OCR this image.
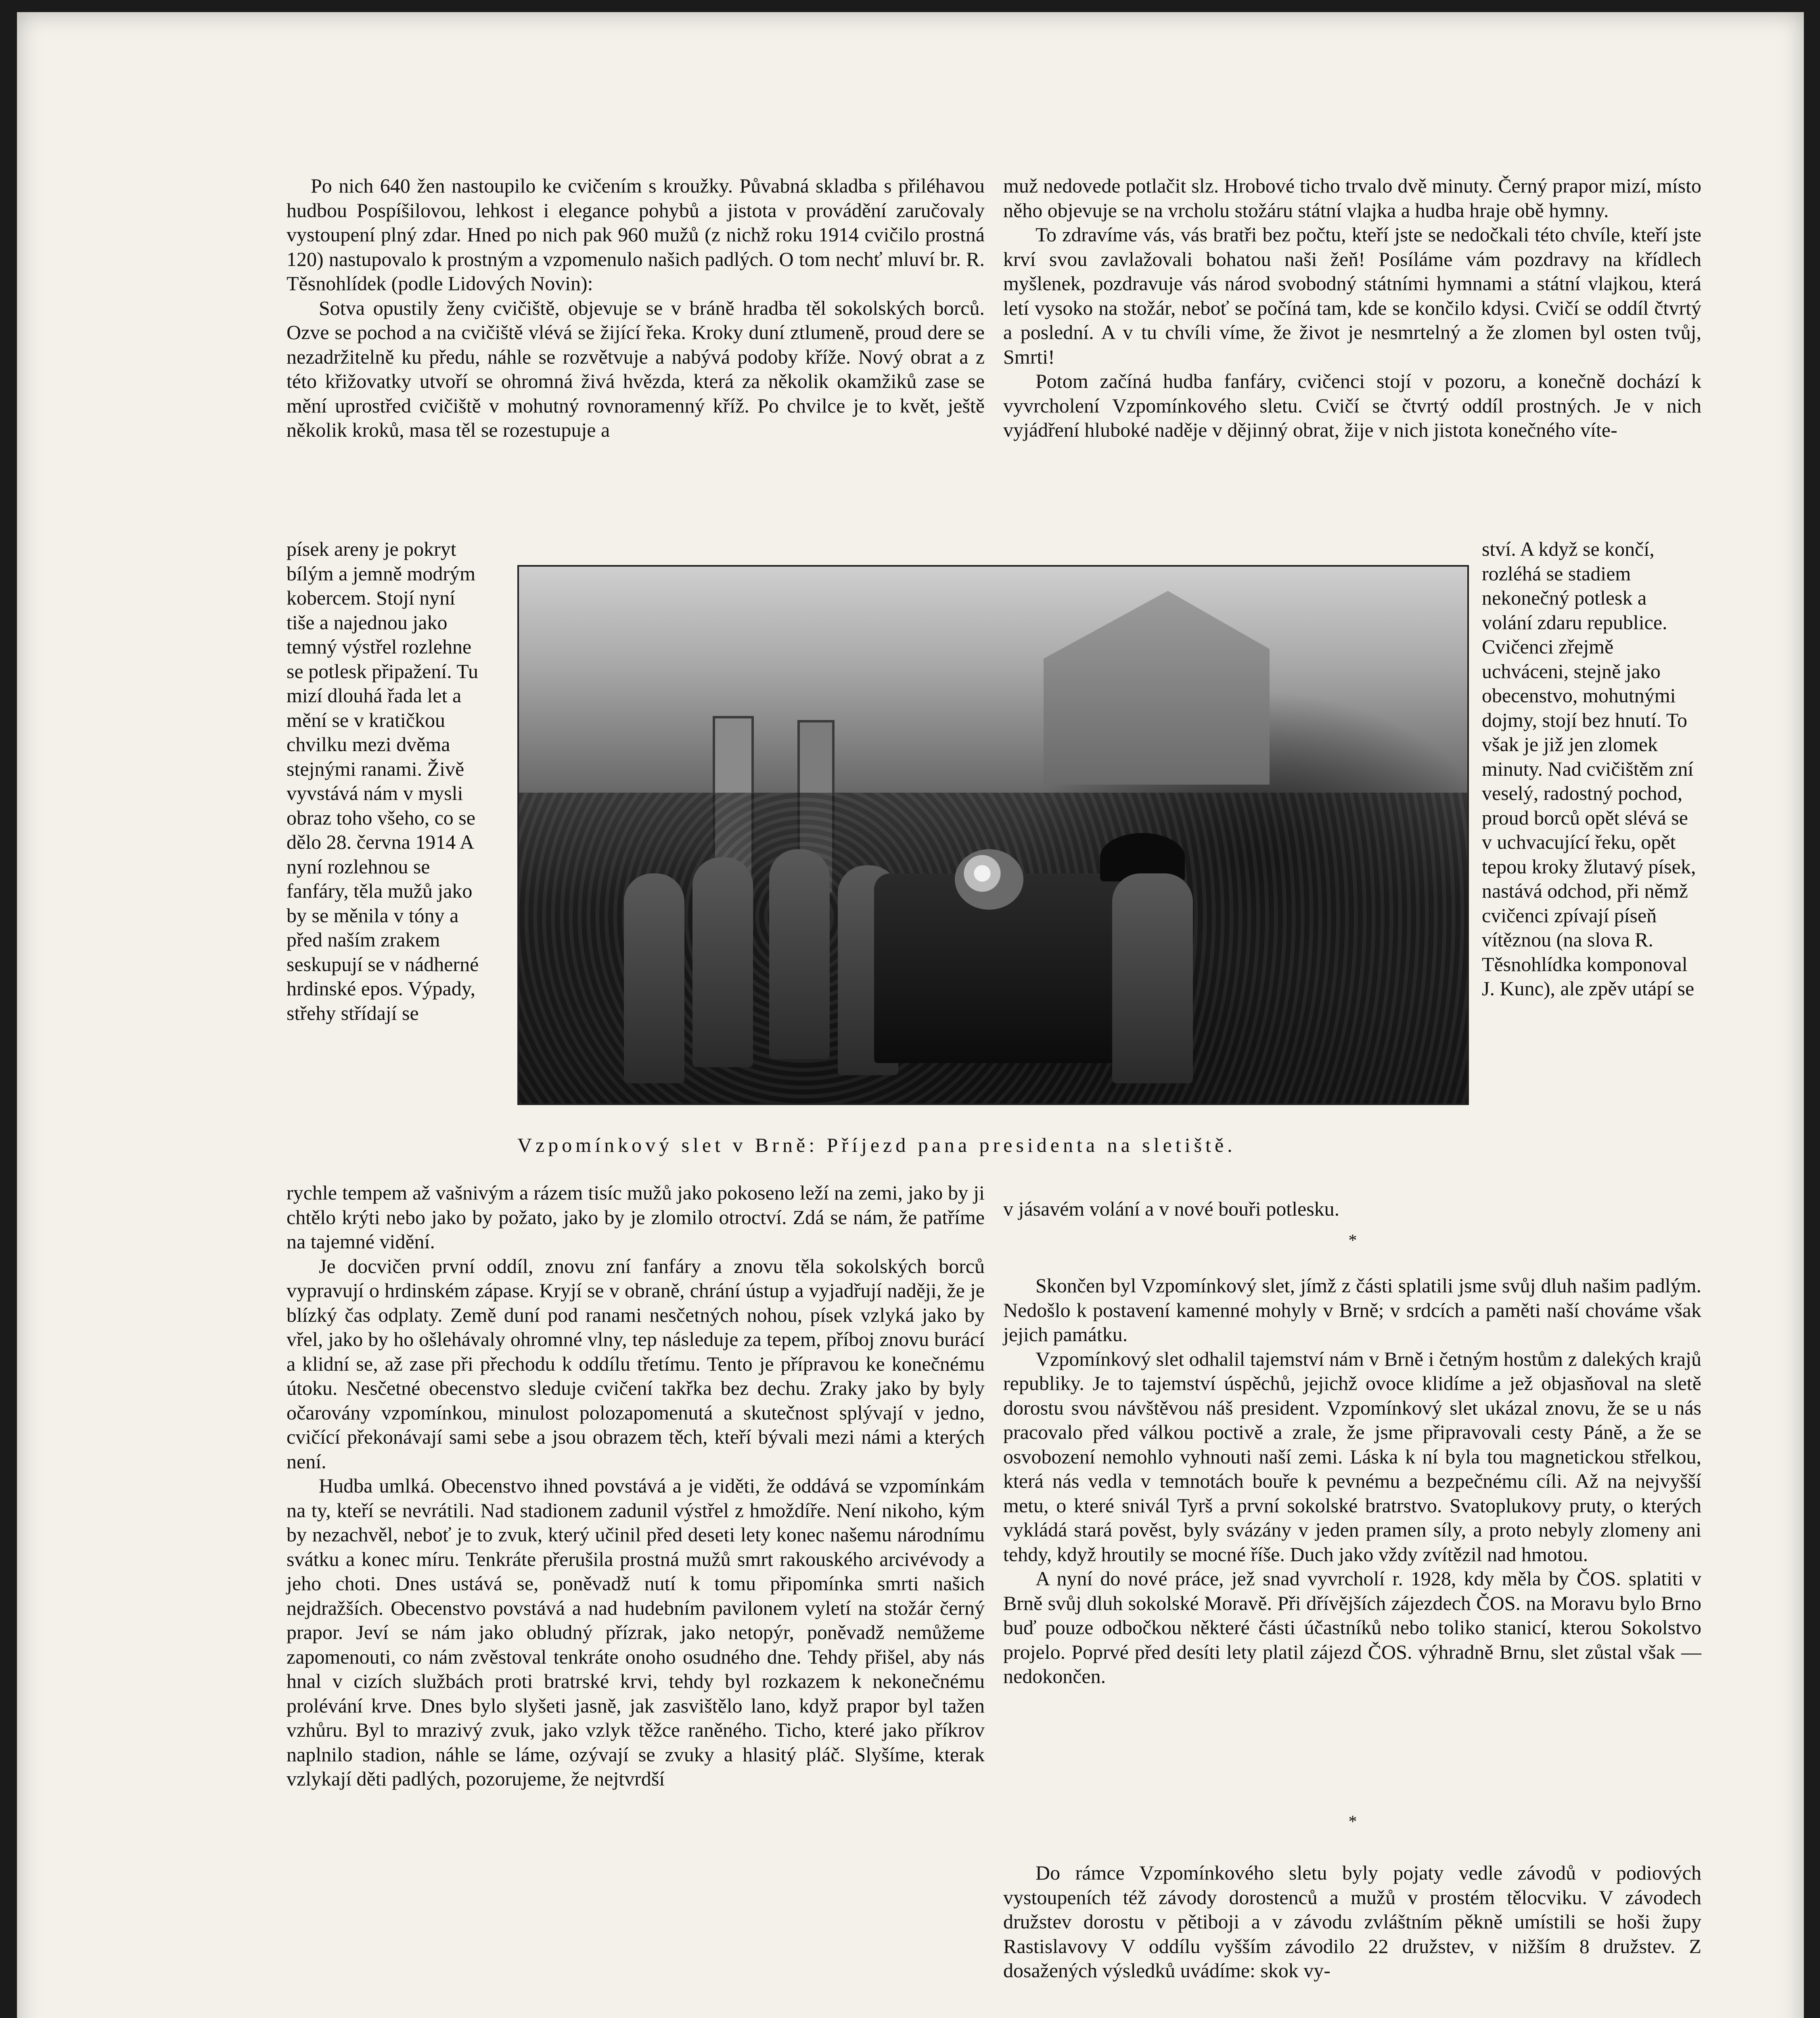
Po nich 640 žen nastoupilo ke cvičením s kroužky. Půvabná skladba s přiléhavou hudbou Pospíšilovou, lehkost i elegance pohybů a jistota v provádění zaručovaly vystoupení plný zdar. Hned po nich pak 960 mužů (z nichž roku 1914 cvičilo prostná 120) nastupovalo k prostným a vzpomenulo našich padlých. O tom nechť mluví br. R. Těsnohlídek (podle Lidových Novin):

Sotva opustily ženy cvičiště, objevuje se v bráně hradba těl sokolských borců. Ozve se pochod a na cvičiště vlévá se žijící řeka. Kroky duní ztlumeně, proud dere se nezadržitelně ku předu, náhle se rozvětvuje a nabývá podoby kříže. Nový obrat a z této křižovatky utvoří se ohromná živá hvězda, která za několik okamžiků zase se mění uprostřed cvičiště v mohutný rovnoramenný kříž. Po chvilce je to květ, ještě několik kroků, masa těl se rozestupuje a

písek areny je pokryt bílým a jemně modrým kobercem. Stojí nyní tiše a najednou jako temný výstřel rozlehne se potlesk připažení. Tu mizí dlouhá řada let a mění se v kratičkou chvilku mezi dvěma stejnými ranami. Živě vyvstává nám v mysli obraz toho všeho, co se dělo 28. června 1914 A nyní rozlehnou se fanfáry, těla mužů jako by se měnila v tóny a před naším zrakem seskupují se v nádherné hrdinské epos. Výpady, střehy střídají se

Vzpomínkový slet v Brně: Příjezd pana presidenta na sletiště.

rychle tempem až vašnivým a rázem tisíc mužů jako pokoseno leží na zemi, jako by ji chtělo krýti nebo jako by požato, jako by je zlomilo otroctví. Zdá se nám, že patříme na tajemné vidění.

Je docvičen první oddíl, znovu zní fanfáry a znovu těla sokolských borců vypravují o hrdinském zápase. Kryjí se v obraně, chrání ústup a vyjadřují naději, že je blízký čas odplaty. Země duní pod ranami nesčetných nohou, písek vzlyká jako by vřel, jako by ho ošlehávaly ohromné vlny, tep následuje za tepem, příboj znovu burácí a klidní se, až zase při přechodu k oddílu třetímu. Tento je přípravou ke konečnému útoku. Nesčetné obecenstvo sleduje cvičení takřka bez dechu. Zraky jako by byly očarovány vzpomínkou, minulost polozapomenutá a skutečnost splývají v jedno, cvičící překonávají sami sebe a jsou obrazem těch, kteří bývali mezi námi a kterých není.

Hudba umlká. Obecenstvo ihned povstává a je viděti, že oddává se vzpomínkám na ty, kteří se nevrátili. Nad stadionem zadunil výstřel z hmoždíře. Není nikoho, kým by nezachvěl, neboť je to zvuk, který učinil před deseti lety konec našemu národnímu svátku a konec míru. Tenkráte přerušila prostná mužů smrt rakouského arcivévody a jeho choti. Dnes ustává se, poněvadž nutí k tomu připomínka smrti našich nejdražších. Obecenstvo povstává a nad hudebním pavilonem vyletí na stožár černý prapor. Jeví se nám jako obludný přízrak, jako netopýr, poněvadž nemůžeme zapomenouti, co nám zvěstoval tenkráte onoho osudného dne. Tehdy přišel, aby nás hnal v cizích službách proti bratrské krvi, tehdy byl rozkazem k nekonečnému prolévání krve. Dnes bylo slyšeti jasně, jak zasvištělo lano, když prapor byl tažen vzhůru. Byl to mrazivý zvuk, jako vzlyk těžce raněného. Ticho, které jako příkrov naplnilo stadion, náhle se láme, ozývají se zvuky a hlasitý pláč. Slyšíme, kterak vzlykají děti padlých, pozorujeme, že nejtvrdší

muž nedovede potlačit slz. Hrobové ticho trvalo dvě minuty. Černý prapor mizí, místo něho objevuje se na vrcholu stožáru státní vlajka a hudba hraje obě hymny.

To zdravíme vás, vás bratři bez počtu, kteří jste se nedočkali této chvíle, kteří jste krví svou zavlažovali bohatou naši žeň! Posíláme vám pozdravy na křídlech myšlenek, pozdravuje vás národ svobodný státními hymnami a státní vlajkou, která letí vysoko na stožár, neboť se počíná tam, kde se končilo kdysi. Cvičí se oddíl čtvrtý a poslední. A v tu chvíli víme, že život je nesmrtelný a že zlomen byl osten tvůj, Smrti!

Potom začíná hudba fanfáry, cvičenci stojí v pozoru, a konečně dochází k vyvrcholení Vzpomínkového sletu. Cvičí se čtvrtý oddíl prostných. Je v nich vyjádření hluboké naděje v dějinný obrat, žije v nich jistota konečného víte-

ství. A když se končí, rozléhá se stadiem nekonečný potlesk a volání zdaru republice. Cvičenci zřejmě uchváceni, stejně jako obecenstvo, mohutnými dojmy, stojí bez hnutí. To však je již jen zlomek minuty. Nad cvičištěm zní veselý, radostný pochod, proud borců opět slévá se v uchvacující řeku, opět tepou kroky žlutavý písek, nastává odchod, při němž cvičenci zpívají píseň vítěznou (na slova R. Těsnohlídka komponoval J. Kunc), ale zpěv utápí se

v jásavém volání a v nové bouři potlesku.

*

Skončen byl Vzpomínkový slet, jímž z části splatili jsme svůj dluh našim padlým. Nedošlo k postavení kamenné mohyly v Brně; v srdcích a paměti naší chováme však jejich památku.

Vzpomínkový slet odhalil tajemství nám v Brně i četným hostům z dalekých krajů republiky. Je to tajemství úspěchů, jejichž ovoce klidíme a jež objasňoval na sletě dorostu svou návštěvou náš president. Vzpomínkový slet ukázal znovu, že se u nás pracovalo před válkou poctivě a zrale, že jsme připravovali cesty Páně, a že se osvobození nemohlo vyhnouti naší zemi. Láska k ní byla tou magnetickou střelkou, která nás vedla v temnotách bouře k pevnému a bezpečnému cíli. Až na nejvyšší metu, o které snivál Tyrš a první sokolské bratrstvo. Svatoplukovy pruty, o kterých vykládá stará pověst, byly svázány v jeden pramen síly, a proto nebyly zlomeny ani tehdy, když hroutily se mocné říše. Duch jako vždy zvítězil nad hmotou.

A nyní do nové práce, jež snad vyvrcholí r. 1928, kdy měla by ČOS. splatiti v Brně svůj dluh sokolské Moravě. Při dřívějších zájezdech ČOS. na Moravu bylo Brno buď pouze odbočkou některé části účastníků nebo toliko stanicí, kterou Sokolstvo projelo. Poprvé před desíti lety platil zájezd ČOS. výhradně Brnu, slet zůstal však — nedokončen.

*

Do rámce Vzpomínkového sletu byly pojaty vedle závodů v podiových vystoupeních též závody dorostenců a mužů v prostém tělocviku. V závodech družstev dorostu v pětiboji a v závodu zvláštním pěkně umístili se hoši župy Rastislavovy V oddílu vyšším závodilo 22 družstev, v nižším 8 družstev. Z dosažených výsledků uvádíme: skok vy-
